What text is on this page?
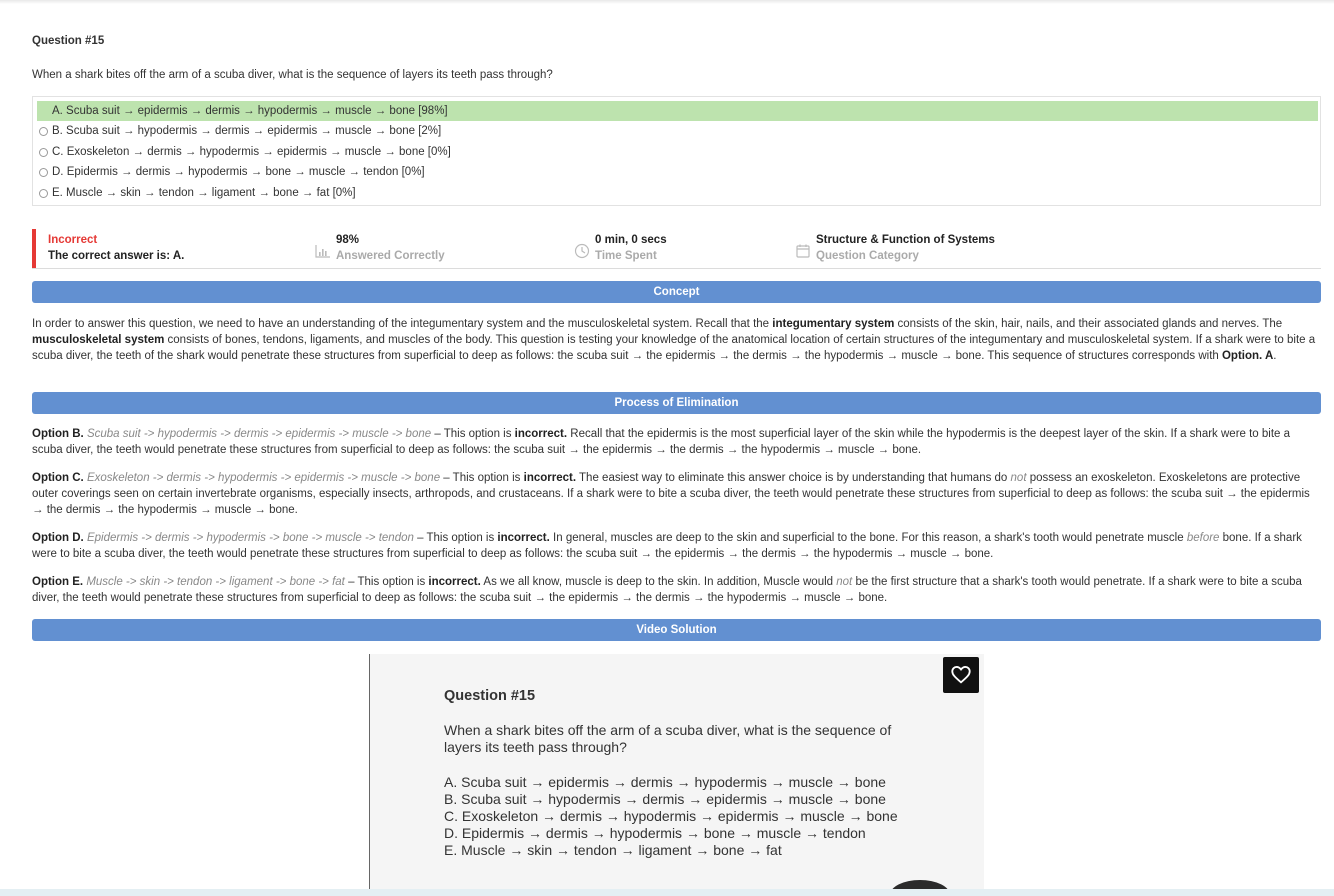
Question #15
When a shark bites off the arm of a scuba diver, what is the sequence of layers its teeth pass through?
A. Scuba suit → epidermis → dermis → hypodermis → muscle → bone [98%]
B. Scuba suit → hypodermis → dermis → epidermis → muscle → bone [2%]
C. Exoskeleton → dermis → hypodermis → epidermis → muscle → bone [0%]
D. Epidermis → dermis → hypodermis → bone → muscle → tendon [0%]
E. Muscle → skin → tendon → ligament → bone → fat [0%]
Incorrect
The correct answer is: A.
98%
Answered Correctly
0 min, 0 secs
Time Spent
Structure & Function of Systems
Question Category
Concept
In order to answer this question, we need to have an understanding of the integumentary system and the musculoskeletal system. Recall that the integumentary system consists of the skin, hair, nails, and their associated glands and nerves. The musculoskeletal system consists of bones, tendons, ligaments, and muscles of the body. This question is testing your knowledge of the anatomical location of certain structures of the integumentary and musculoskeletal system. If a shark were to bite a scuba diver, the teeth of the shark would penetrate these structures from superficial to deep as follows: the scuba suit → the epidermis → the dermis → the hypodermis → muscle → bone. This sequence of structures corresponds with Option. A.
Process of Elimination
Option B. Scuba suit -> hypodermis -> dermis -> epidermis -> muscle -> bone – This option is incorrect. Recall that the epidermis is the most superficial layer of the skin while the hypodermis is the deepest layer of the skin. If a shark were to bite a scuba diver, the teeth would penetrate these structures from superficial to deep as follows: the scuba suit → the epidermis → the dermis → the hypodermis → muscle → bone.
Option C. Exoskeleton -> dermis -> hypodermis -> epidermis -> muscle -> bone – This option is incorrect. The easiest way to eliminate this answer choice is by understanding that humans do not possess an exoskeleton. Exoskeletons are protective outer coverings seen on certain invertebrate organisms, especially insects, arthropods, and crustaceans. If a shark were to bite a scuba diver, the teeth would penetrate these structures from superficial to deep as follows: the scuba suit → the epidermis → the dermis → the hypodermis → muscle → bone.
Option D. Epidermis -> dermis -> hypodermis -> bone -> muscle -> tendon – This option is incorrect. In general, muscles are deep to the skin and superficial to the bone. For this reason, a shark's tooth would penetrate muscle before bone. If a shark were to bite a scuba diver, the teeth would penetrate these structures from superficial to deep as follows: the scuba suit → the epidermis → the dermis → the hypodermis → muscle → bone.
Option E. Muscle -> skin -> tendon -> ligament -> bone -> fat – This option is incorrect. As we all know, muscle is deep to the skin. In addition, Muscle would not be the first structure that a shark's tooth would penetrate. If a shark were to bite a scuba diver, the teeth would penetrate these structures from superficial to deep as follows: the scuba suit → the epidermis → the dermis → the hypodermis → muscle → bone.
Video Solution
Question #15
When a shark bites off the arm of a scuba diver, what is the sequence of layers its teeth pass through?
A. Scuba suit → epidermis → dermis → hypodermis → muscle → bone
B. Scuba suit → hypodermis → dermis → epidermis → muscle → bone
C. Exoskeleton → dermis → hypodermis → epidermis → muscle → bone
D. Epidermis → dermis → hypodermis → bone → muscle → tendon
E. Muscle → skin → tendon → ligament → bone → fat
